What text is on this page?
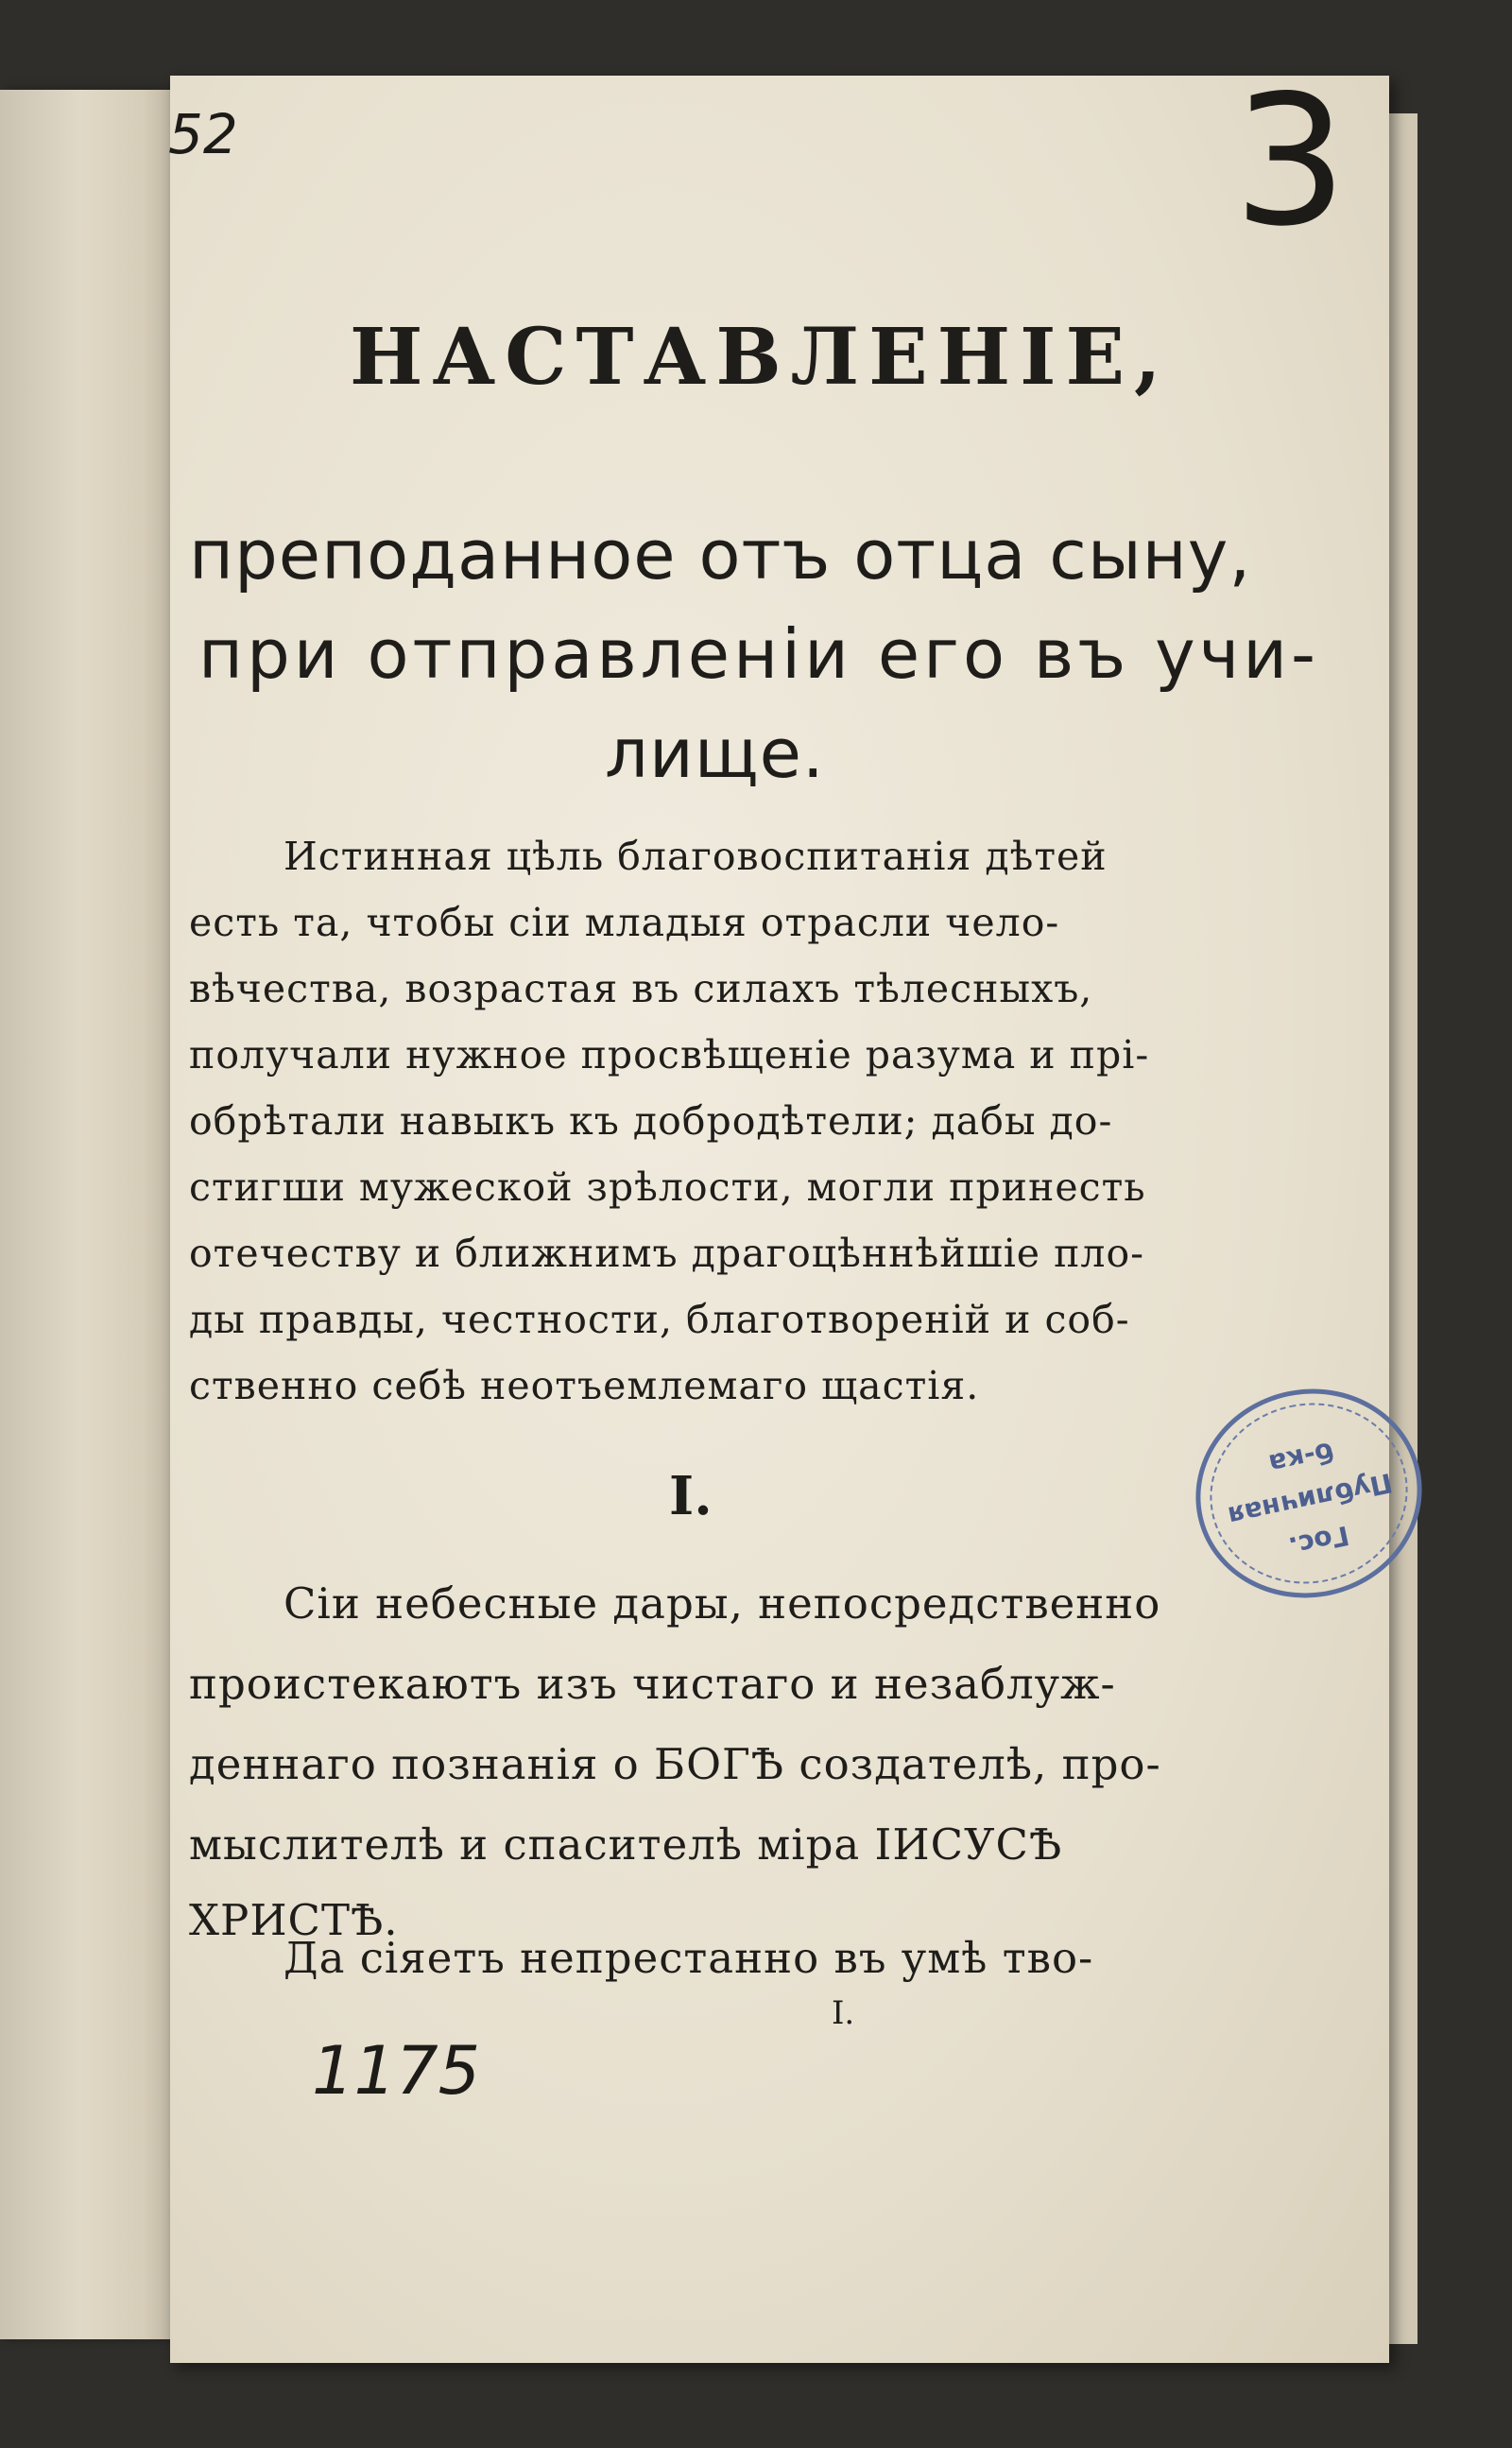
52	3
НАСТАВЛЕНІЕ,
преподанное отъ отца сыну,
при отправленіи его въ учи-
лище.
Истинная цѣль благовоспитанія дѣтей
есть та, чтобы сіи младыя отрасли чело-
вѣчества, возрастая въ силахъ тѣлесныхъ,
получали нужное просвѣщеніе разума и прі-
обрѣтали навыкъ къ добродѣтели; дабы до-
стигши мужеской зрѣлости, могли принесть
отечеству и ближнимъ драгоцѣннѣйшіе пло-
ды правды, честности, благотвореній и соб-
ственно себѣ неотъемлемаго щастія.
I.
Сіи небесные дары, непосредственно
проистекаютъ изъ чистаго и незаблуж-
деннаго познанія о БОГѢ создателѣ, про-
мыслителѣ и спасителѣ міра ІИСУСѢ
ХРИСТѢ.
Да сіяетъ непрестанно въ умѣ тво-
I.
1175
Гос.
Публичная
б-ка
